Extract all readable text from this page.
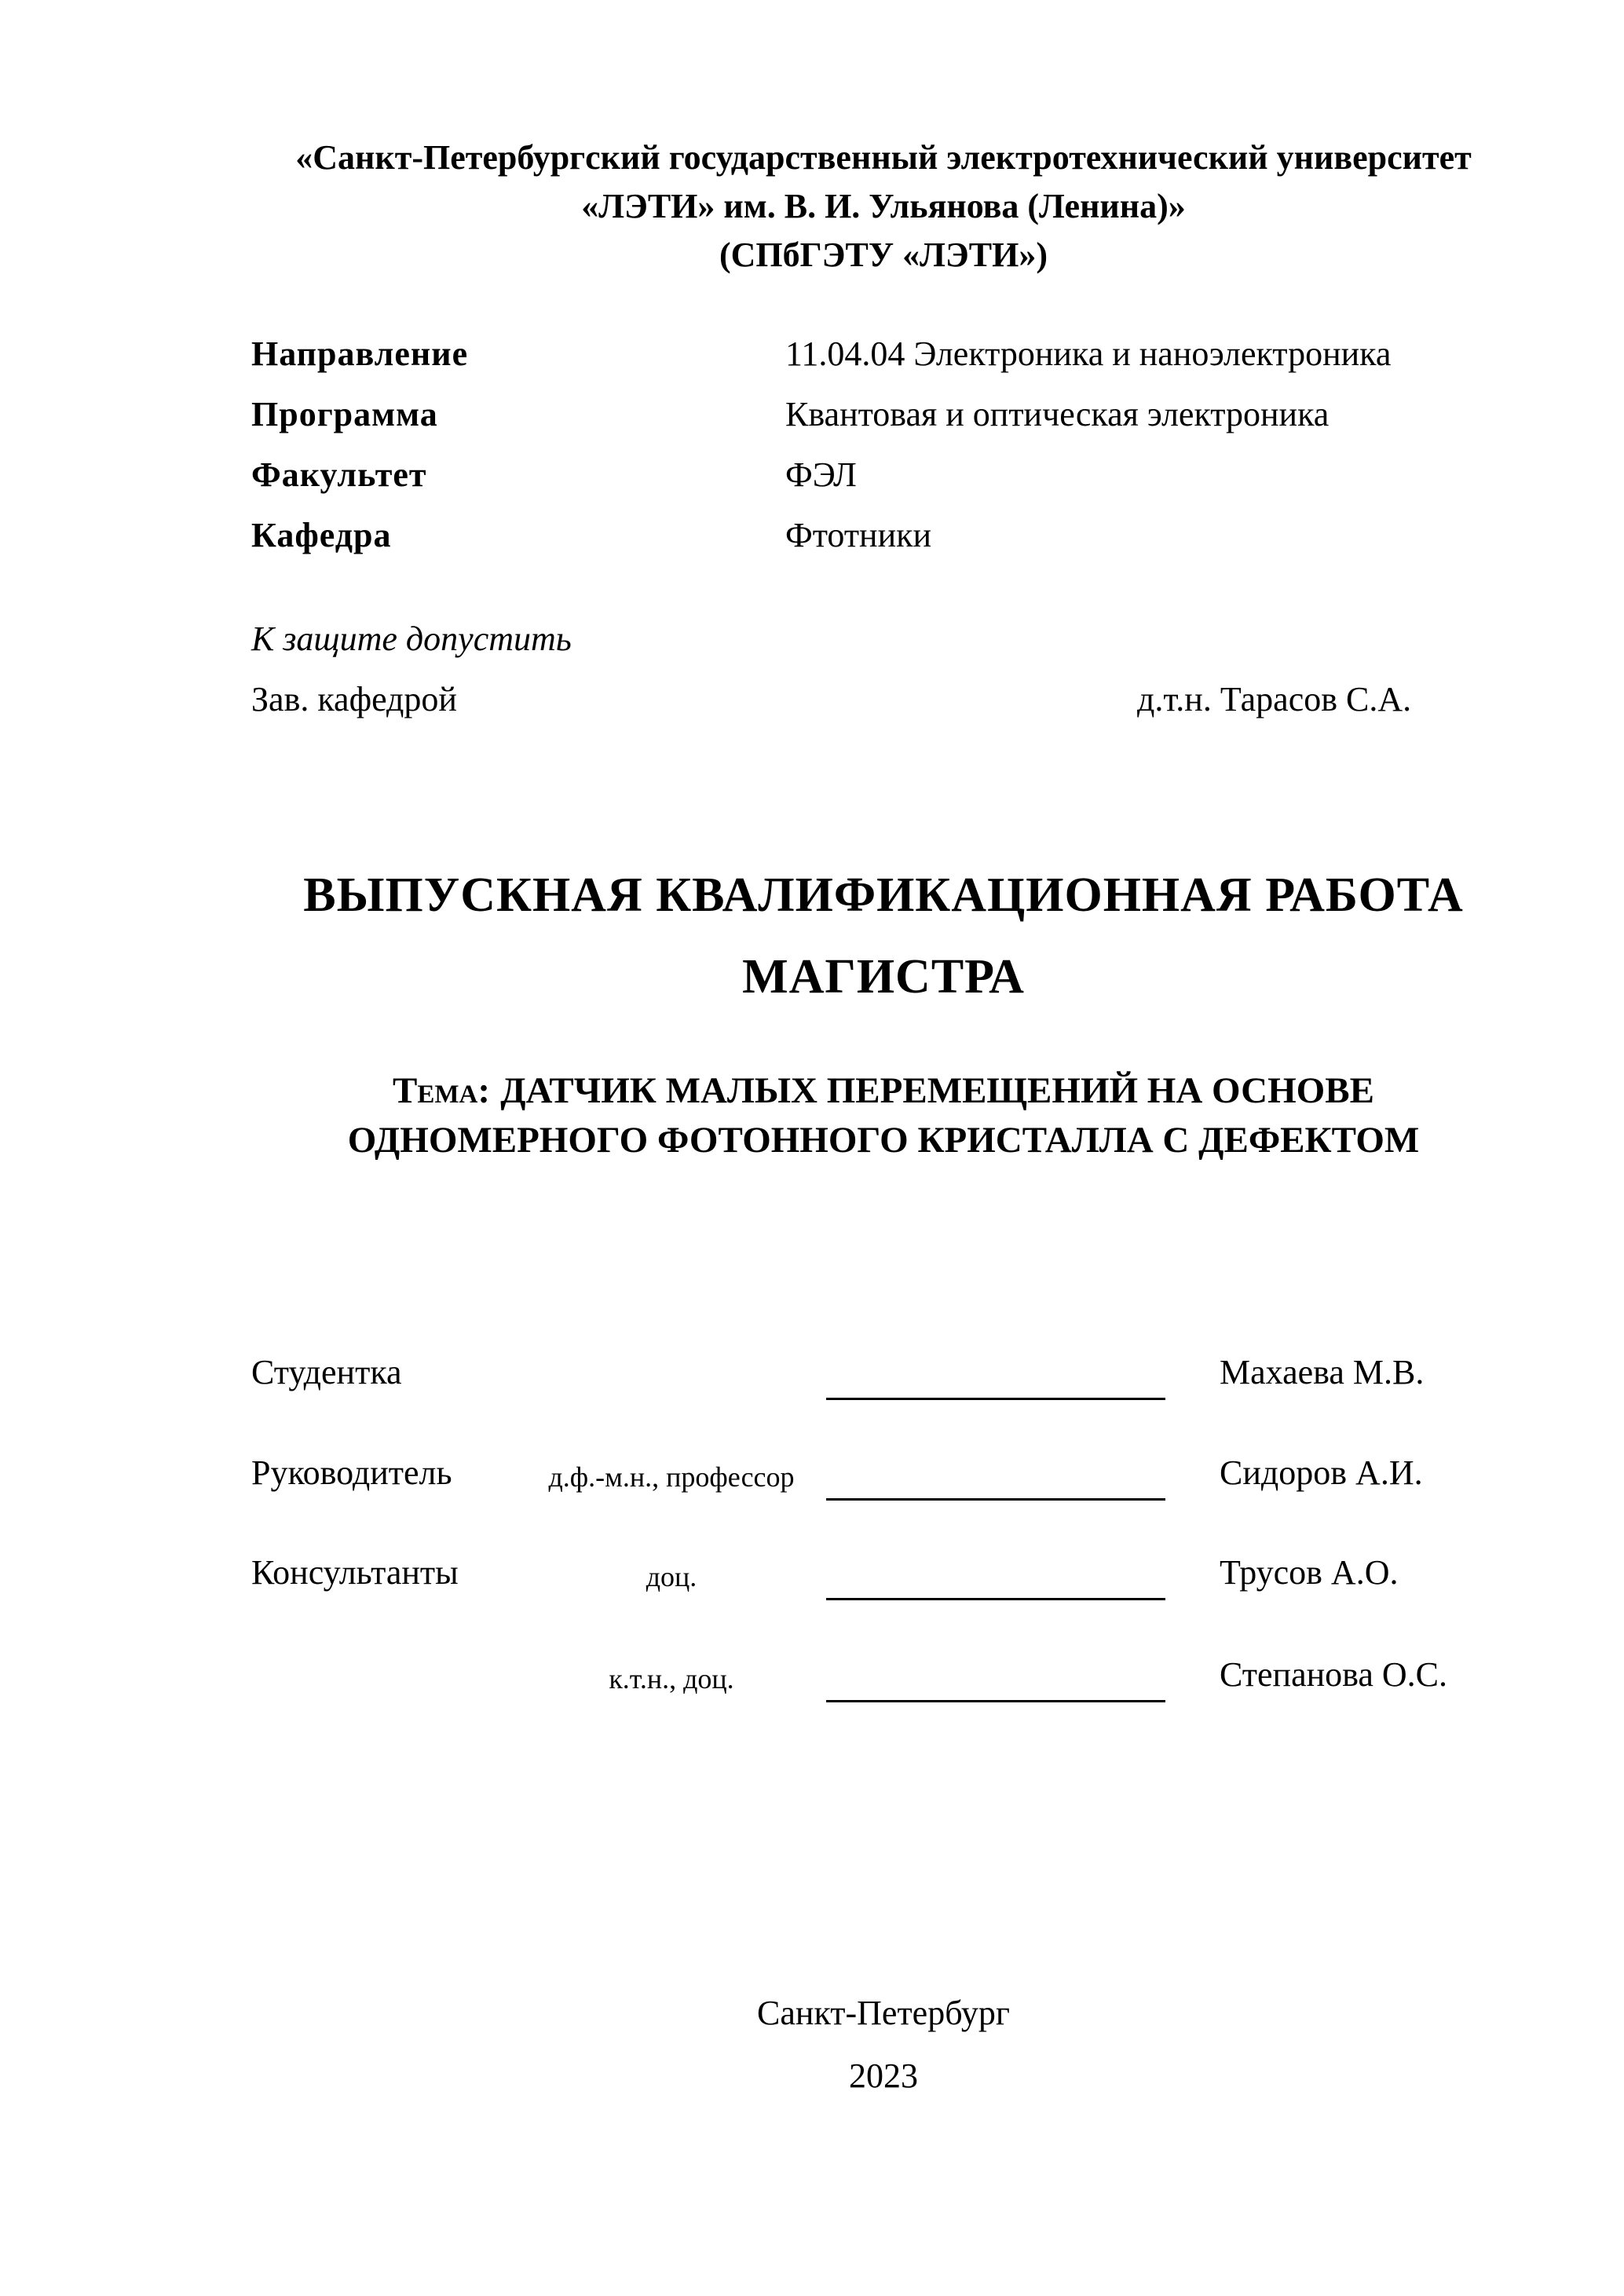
«Санкт-Петербургский государственный электротехнический университет
«ЛЭТИ» им. В. И. Ульянова (Ленина)»
(СПбГЭТУ «ЛЭТИ»)
Направление	11.04.04 Электроника и наноэлектроника
Программа	Квантовая и оптическая электроника
Факультет	ФЭЛ
Кафедра	Фтотники
К защите допустить
Зав. кафедрой	д.т.н. Тарасов С.А.
ВЫПУСКНАЯ КВАЛИФИКАЦИОННАЯ РАБОТА
МАГИСТРА
Тема: ДАТЧИК МАЛЫХ ПЕРЕМЕЩЕНИЙ НА ОСНОВЕ
ОДНОМЕРНОГО ФОТОННОГО КРИСТАЛЛА С ДЕФЕКТОМ
Студентка	Махаева М.В.
Руководитель	д.ф.-м.н., профессор	Сидоров А.И.
Консультанты	доц.	Трусов А.О.
к.т.н., доц.	Степанова О.С.
Санкт-Петербург
2023
